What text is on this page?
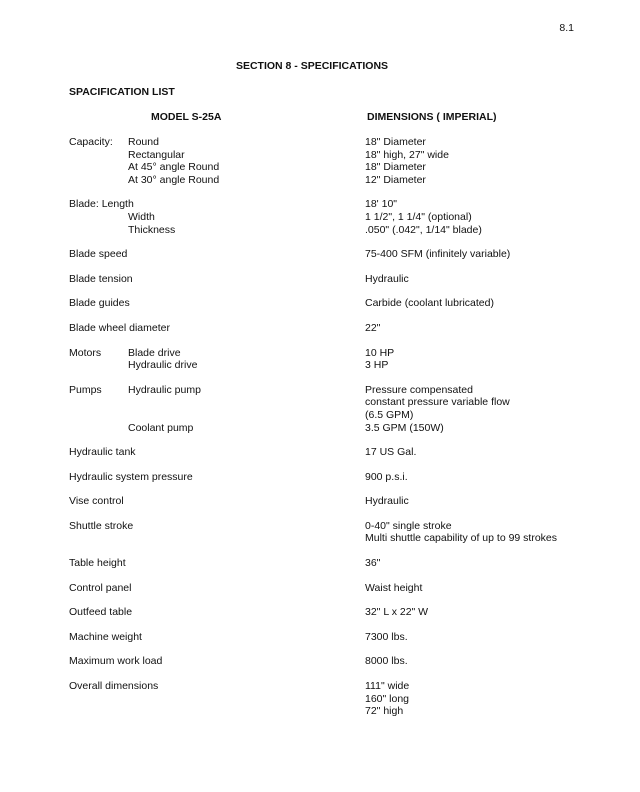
8.1
SECTION 8 - SPECIFICATIONS
SPACIFICATION LIST
MODEL S-25A	DIMENSIONS ( IMPERIAL)
Capacity: Round	18" Diameter
Rectangular	18" high, 27" wide
At 45° angle Round	18" Diameter
At 30° angle Round	12" Diameter
Blade: Length	18' 10"
Width	1 1/2", 1 1/4" (optional)
Thickness	.050" (.042", 1/14" blade)
Blade speed	75-400 SFM (infinitely variable)
Blade tension	Hydraulic
Blade guides	Carbide (coolant lubricated)
Blade wheel diameter	22"
Motors	Blade drive	10 HP
Hydraulic drive	3 HP
Pumps	Hydraulic pump	Pressure compensated
constant pressure variable flow
(6.5 GPM)
Coolant pump	3.5 GPM (150W)
Hydraulic tank	17 US Gal.
Hydraulic system pressure	900 p.s.i.
Vise control	Hydraulic
Shuttle stroke	0-40" single stroke
Multi shuttle capability of up to 99 strokes
Table height	36"
Control panel	Waist height
Outfeed table	32" L x 22" W
Machine weight	7300 lbs.
Maximum work load	8000 lbs.
Overall dimensions	111" wide
160" long
72" high
